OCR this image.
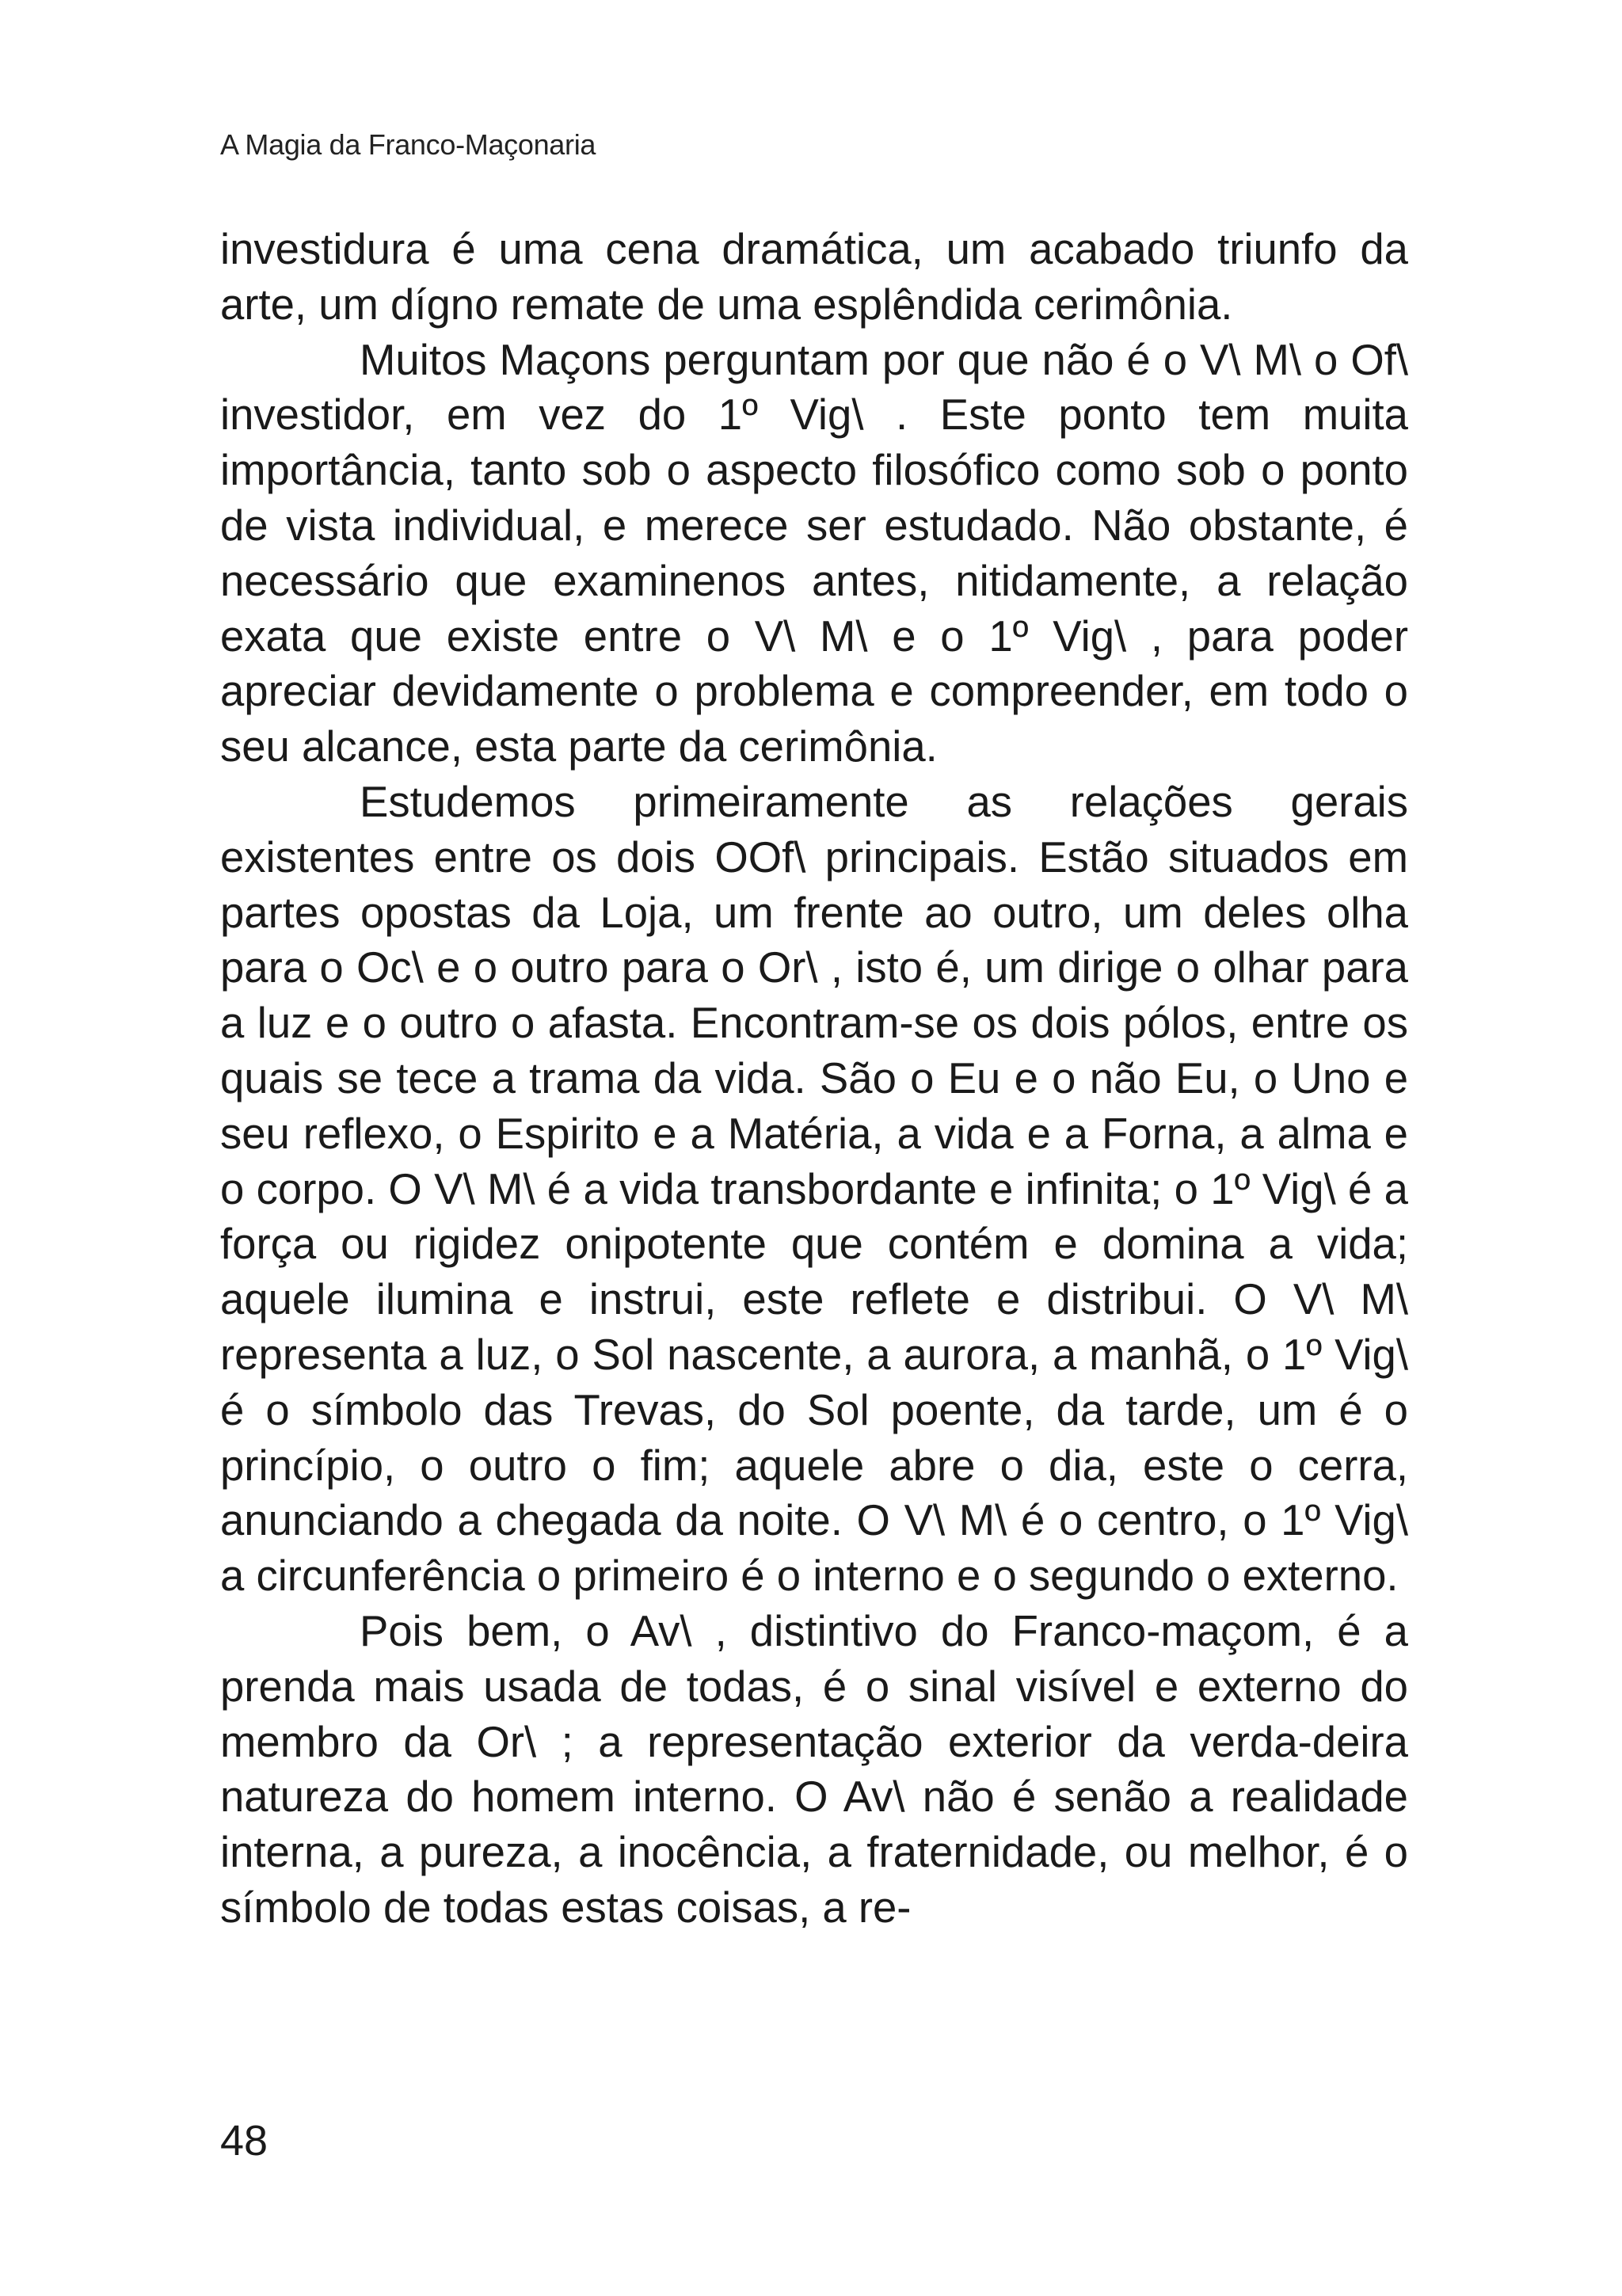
A Magia da Franco-Maçonaria

investidura é uma cena dramática, um acabado triunfo da arte, um dígno remate de uma esplêndida cerimônia.

Muitos Maçons perguntam por que não é o V\ M\ o Of\ investidor, em vez do 1º Vig\ . Este ponto tem muita importância, tanto sob o aspecto filosófico como sob o ponto de vista individual, e merece ser estudado. Não obstante, é necessário que examinenos antes, nitidamente, a relação exata que existe entre o V\ M\ e o 1º Vig\ , para poder apreciar devidamente o problema e compreender, em todo o seu alcance, esta parte da cerimônia.

Estudemos primeiramente as relações gerais existentes entre os dois OOf\ principais. Estão situados em partes opostas da Loja, um frente ao outro, um deles olha para o Oc\ e o outro para o Or\ , isto é, um dirige o olhar para a luz e o outro o afasta. Encontram-se os dois pólos, entre os quais se tece a trama da vida. São o Eu e o não Eu, o Uno e seu reflexo, o Espirito e a Matéria, a vida e a Forna, a alma e o corpo. O V\ M\ é a vida transbordante e infinita; o 1º Vig\ é a força ou rigidez onipotente que contém e domina a vida; aquele ilumina e instrui, este reflete e distribui. O V\ M\ representa a luz, o Sol nascente, a aurora, a manhã, o 1º Vig\ é o símbolo das Trevas, do Sol poente, da tarde, um é o princípio, o outro o fim; aquele abre o dia, este o cerra, anunciando a chegada da noite. O V\ M\ é o centro, o 1º Vig\ a circunferência o primeiro é o interno e o segundo o externo.

Pois bem, o Av\ , distintivo do Franco-maçom, é a prenda mais usada de todas, é o sinal visível e externo do membro da Or\ ; a representação exterior da verda-deira natureza do homem interno. O Av\ não é senão a realidade interna, a pureza, a inocência, a fraternidade, ou melhor, é o símbolo de todas estas coisas, a re-

48
